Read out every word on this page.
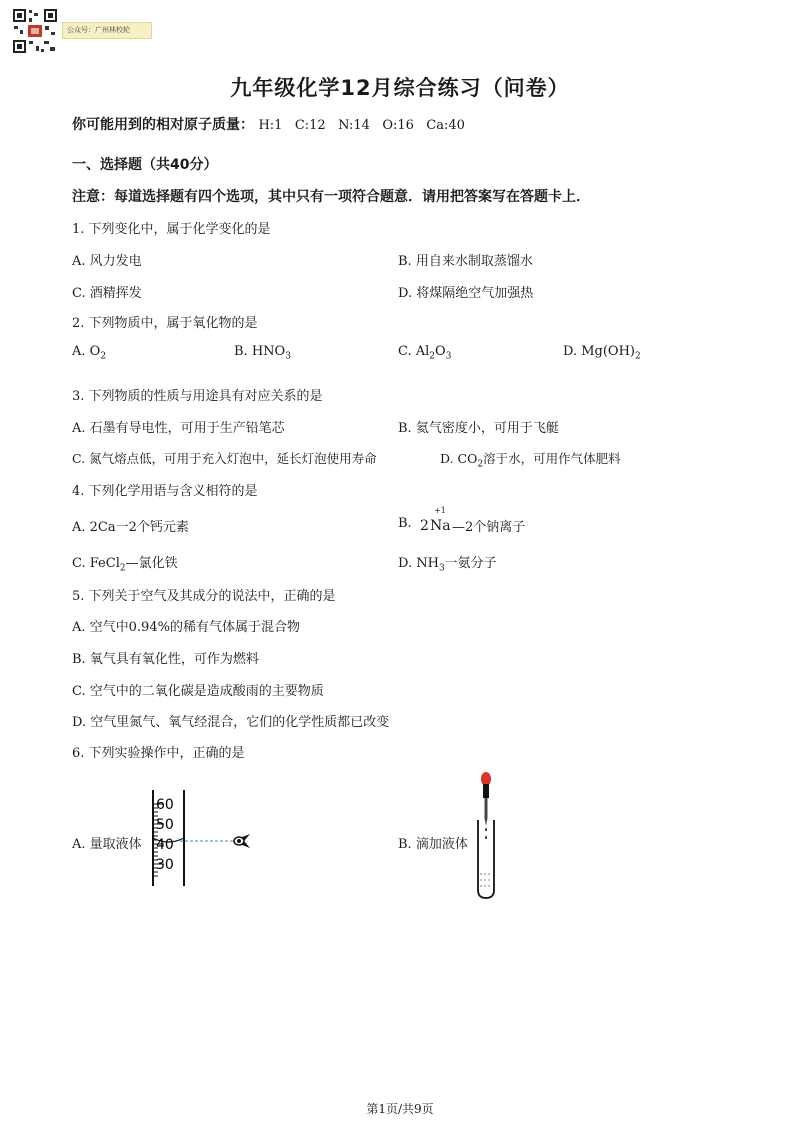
公众号：广州林校轮
九年级化学12月综合练习（问卷）
你可能用到的相对原子质量： H:1   C:12   N:14   O:16   Ca:40
一、选择题（共40分）
注意：每道选择题有四个选项，其中只有一项符合题意．请用把答案写在答题卡上．
1. 下列变化中，属于化学变化的是
A. 风力发电	B. 用自来水制取蒸馏水
C. 酒精挥发	D. 将煤隔绝空气加强热
2. 下列物质中，属于氧化物的是
A. $O_2$	B. $HNO_3$	C. $Al_2O_3$	D. $Mg(OH)_2$
3. 下列物质的性质与用途具有对应关系的是
A. 石墨有导电性，可用于生产铅笔芯	B. 氦气密度小，可用于飞艇
C. 氮气熔点低，可用于充入灯泡中，延长灯泡使用寿命	D. $CO_2$溶于水，可用作气体肥料
4. 下列化学用语与含义相符的是
A. 2Ca一2个钙元素	B. 2
+1
Na —2个钠离子
C. FeCl$_2$—氯化铁	D. $NH_3$一氨分子
5. 下列关于空气及其成分的说法中，正确的是
A. 空气中0.94%的稀有气体属于混合物
B. 氧气具有氧化性，可作为燃料
C. 空气中的二氧化碳是造成酸雨的主要物质
D. 空气里氮气、氧气经混合，它们的化学性质都已改变
6. 下列实验操作中，正确的是
A. 量取液体
60
50
40
30
B. 滴加液体
第1页/共9页
